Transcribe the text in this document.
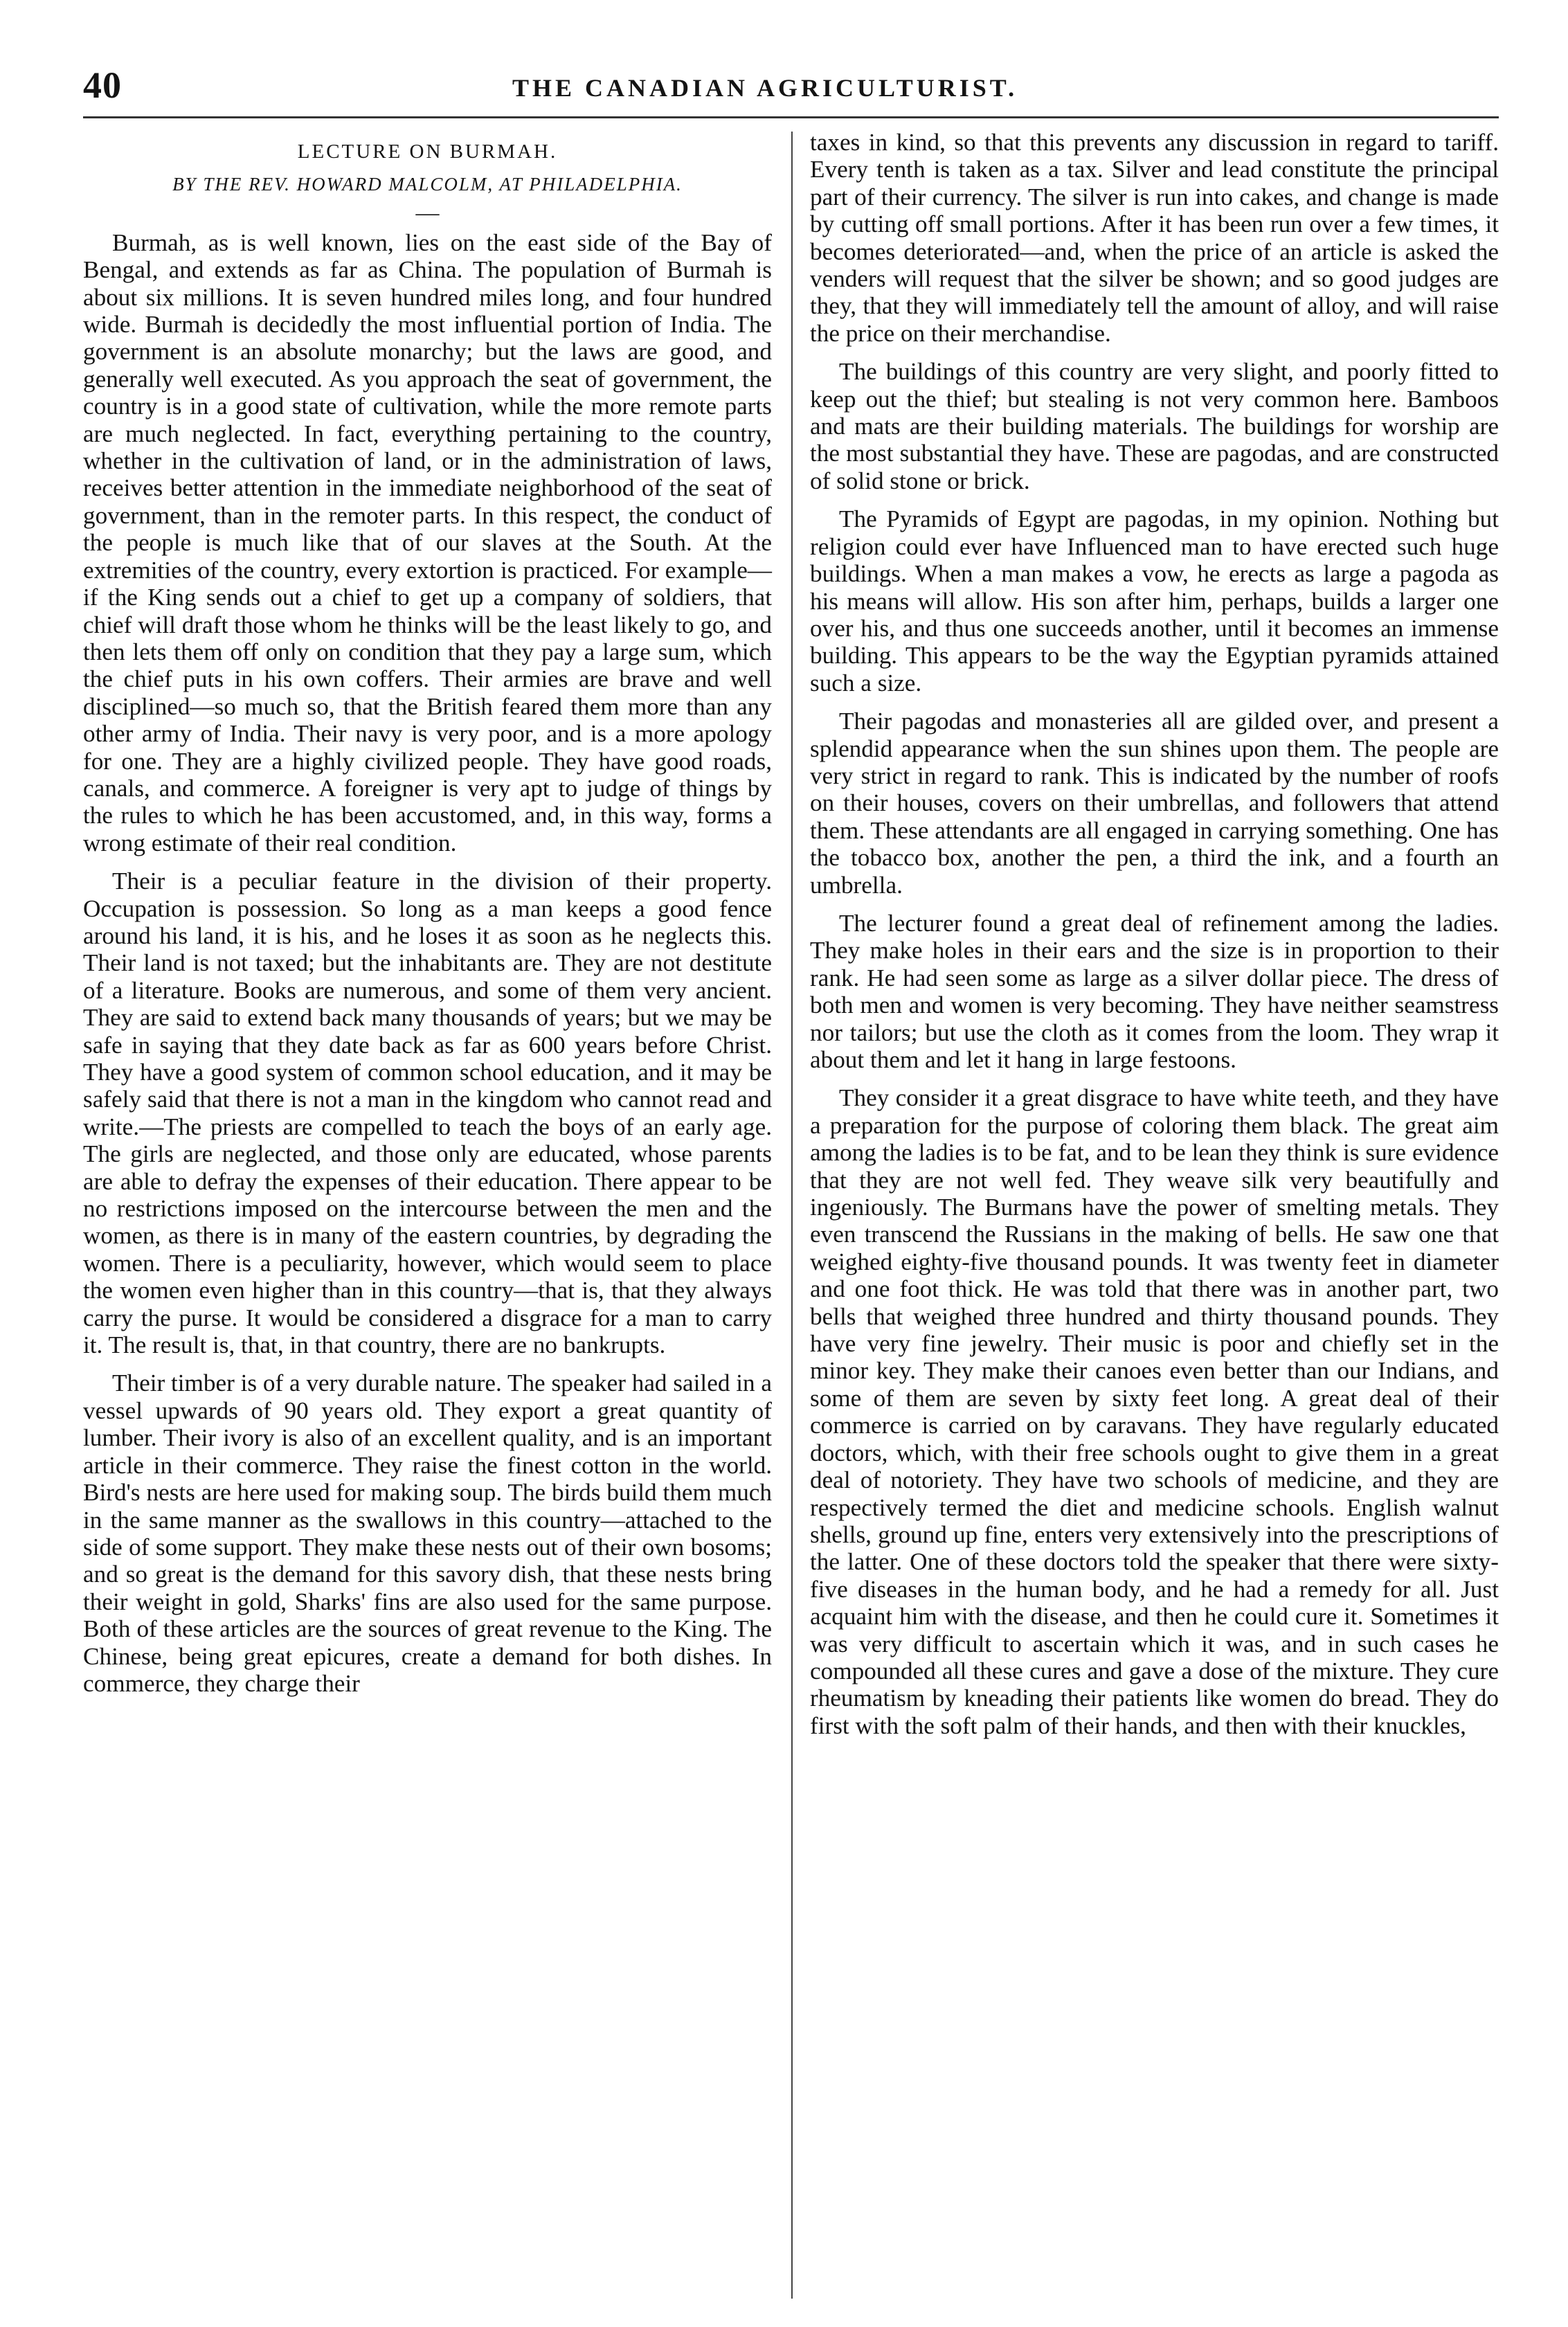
40	THE CANADIAN AGRICULTURIST.
LECTURE ON BURMAH.
BY THE REV. HOWARD MALCOLM, AT PHILADELPHIA.
—

Burmah, as is well known, lies on the east side of the Bay of Bengal, and extends as far as China. The population of Burmah is about six millions. It is seven hundred miles long, and four hundred wide. Burmah is decidedly the most influential portion of India. The government is an absolute monarchy; but the laws are good, and generally well executed. As you approach the seat of government, the country is in a good state of cultivation, while the more remote parts are much neglected. In fact, everything pertaining to the country, whether in the cultivation of land, or in the administration of laws, receives better attention in the immediate neighborhood of the seat of government, than in the remoter parts. In this respect, the conduct of the people is much like that of our slaves at the South. At the extremities of the country, every extortion is practiced. For example—if the King sends out a chief to get up a company of soldiers, that chief will draft those whom he thinks will be the least likely to go, and then lets them off only on condition that they pay a large sum, which the chief puts in his own coffers. Their armies are brave and well disciplined—so much so, that the British feared them more than any other army of India. Their navy is very poor, and is a more apology for one. They are a highly civilized people. They have good roads, canals, and commerce. A foreigner is very apt to judge of things by the rules to which he has been accustomed, and, in this way, forms a wrong estimate of their real condition.

Their is a peculiar feature in the division of their property. Occupation is possession. So long as a man keeps a good fence around his land, it is his, and he loses it as soon as he neglects this. Their land is not taxed; but the inhabitants are. They are not destitute of a literature. Books are numerous, and some of them very ancient. They are said to extend back many thousands of years; but we may be safe in saying that they date back as far as 600 years before Christ. They have a good system of common school education, and it may be safely said that there is not a man in the kingdom who cannot read and write.—The priests are compelled to teach the boys of an early age. The girls are neglected, and those only are educated, whose parents are able to defray the expenses of their education. There appear to be no restrictions imposed on the intercourse between the men and the women, as there is in many of the eastern countries, by degrading the women. There is a peculiarity, however, which would seem to place the women even higher than in this country—that is, that they always carry the purse. It would be considered a disgrace for a man to carry it. The result is, that, in that country, there are no bankrupts.

Their timber is of a very durable nature. The speaker had sailed in a vessel upwards of 90 years old. They export a great quantity of lumber. Their ivory is also of an excellent quality, and is an important article in their commerce. They raise the finest cotton in the world. Bird's nests are here used for making soup. The birds build them much in the same manner as the swallows in this country—attached to the side of some support. They make these nests out of their own bosoms; and so great is the demand for this savory dish, that these nests bring their weight in gold, Sharks' fins are also used for the same purpose. Both of these articles are the sources of great revenue to the King. The Chinese, being great epicures, create a demand for both dishes. In commerce, they charge their

taxes in kind, so that this prevents any discussion in regard to tariff. Every tenth is taken as a tax. Silver and lead constitute the principal part of their currency. The silver is run into cakes, and change is made by cutting off small portions. After it has been run over a few times, it becomes deteriorated—and, when the price of an article is asked the venders will request that the silver be shown; and so good judges are they, that they will immediately tell the amount of alloy, and will raise the price on their merchandise.

The buildings of this country are very slight, and poorly fitted to keep out the thief; but stealing is not very common here. Bamboos and mats are their building materials. The buildings for worship are the most substantial they have. These are pagodas, and are constructed of solid stone or brick.

The Pyramids of Egypt are pagodas, in my opinion. Nothing but religion could ever have Influenced man to have erected such huge buildings. When a man makes a vow, he erects as large a pagoda as his means will allow. His son after him, perhaps, builds a larger one over his, and thus one succeeds another, until it becomes an immense building. This appears to be the way the Egyptian pyramids attained such a size.

Their pagodas and monasteries all are gilded over, and present a splendid appearance when the sun shines upon them. The people are very strict in regard to rank. This is indicated by the number of roofs on their houses, covers on their umbrellas, and followers that attend them. These attendants are all engaged in carrying something. One has the tobacco box, another the pen, a third the ink, and a fourth an umbrella.

The lecturer found a great deal of refinement among the ladies. They make holes in their ears and the size is in proportion to their rank. He had seen some as large as a silver dollar piece. The dress of both men and women is very becoming. They have neither seamstress nor tailors; but use the cloth as it comes from the loom. They wrap it about them and let it hang in large festoons.

They consider it a great disgrace to have white teeth, and they have a preparation for the purpose of coloring them black. The great aim among the ladies is to be fat, and to be lean they think is sure evidence that they are not well fed. They weave silk very beautifully and ingeniously. The Burmans have the power of smelting metals. They even transcend the Russians in the making of bells. He saw one that weighed eighty-five thousand pounds. It was twenty feet in diameter and one foot thick. He was told that there was in another part, two bells that weighed three hundred and thirty thousand pounds. They have very fine jewelry. Their music is poor and chiefly set in the minor key. They make their canoes even better than our Indians, and some of them are seven by sixty feet long. A great deal of their commerce is carried on by caravans. They have regularly educated doctors, which, with their free schools ought to give them in a great deal of notoriety. They have two schools of medicine, and they are respectively termed the diet and medicine schools. English walnut shells, ground up fine, enters very extensively into the prescriptions of the latter. One of these doctors told the speaker that there were sixty-five diseases in the human body, and he had a remedy for all. Just acquaint him with the disease, and then he could cure it. Sometimes it was very difficult to ascertain which it was, and in such cases he compounded all these cures and gave a dose of the mixture. They cure rheumatism by kneading their patients like women do bread. They do first with the soft palm of their hands, and then with their knuckles,
